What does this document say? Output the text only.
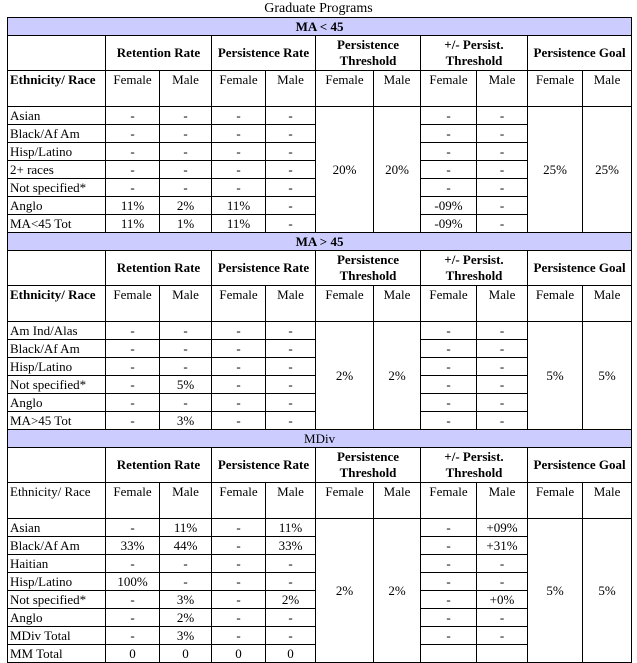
Graduate Programs
MA < 45										
	Retention Rate		Persistence Rate		Persistence Threshold		+/- Persist. Threshold		Persistence Goal	
Ethnicity/ Race	Female	Male	Female	Male	Female	Male	Female	Male	Female	Male
Asian	-	-	-	-	20%	20%	-	-	25%	25%
Black/Af Am	-	-	-	-			-	-		
Hisp/Latino	-	-	-	-			-	-		
2+ races	-	-	-	-			-	-		
Not specified*	-	-	-	-			-	-		
Anglo	11%	2%	11%	-			-09%	-		
MA<45 Tot	11%	1%	11%	-			-09%	-		
MA > 45										
	Retention Rate		Persistence Rate		Persistence Threshold		+/- Persist. Threshold		Persistence Goal	
Ethnicity/ Race	Female	Male	Female	Male	Female	Male	Female	Male	Female	Male
Am Ind/Alas	-	-	-	-	2%	2%	-	-	5%	5%
Black/Af Am	-	-	-	-			-	-		
Hisp/Latino	-	-	-	-			-	-		
Not specified*	-	5%	-	-			-	-		
Anglo	-	-	-	-			-	-		
MA>45 Tot	-	3%	-	-			-	-		
MDiv										
	Retention Rate		Persistence Rate		Persistence Threshold		+/- Persist. Threshold		Persistence Goal	
Ethnicity/ Race	Female	Male	Female	Male	Female	Male	Female	Male	Female	Male
Asian	-	11%	-	11%	2%	2%	-	+09%	5%	5%
Black/Af Am	33%	44%	-	33%			-	+31%		
Haitian	-	-	-	-			-	-		
Hisp/Latino	100%	-	-	-			-	-		
Not specified*	-	3%	-	2%			-	+0%		
Anglo	-	2%	-	-			-	-		
MDiv Total	-	3%	-	-			-	-		
MM Total	0	0	0	0						
